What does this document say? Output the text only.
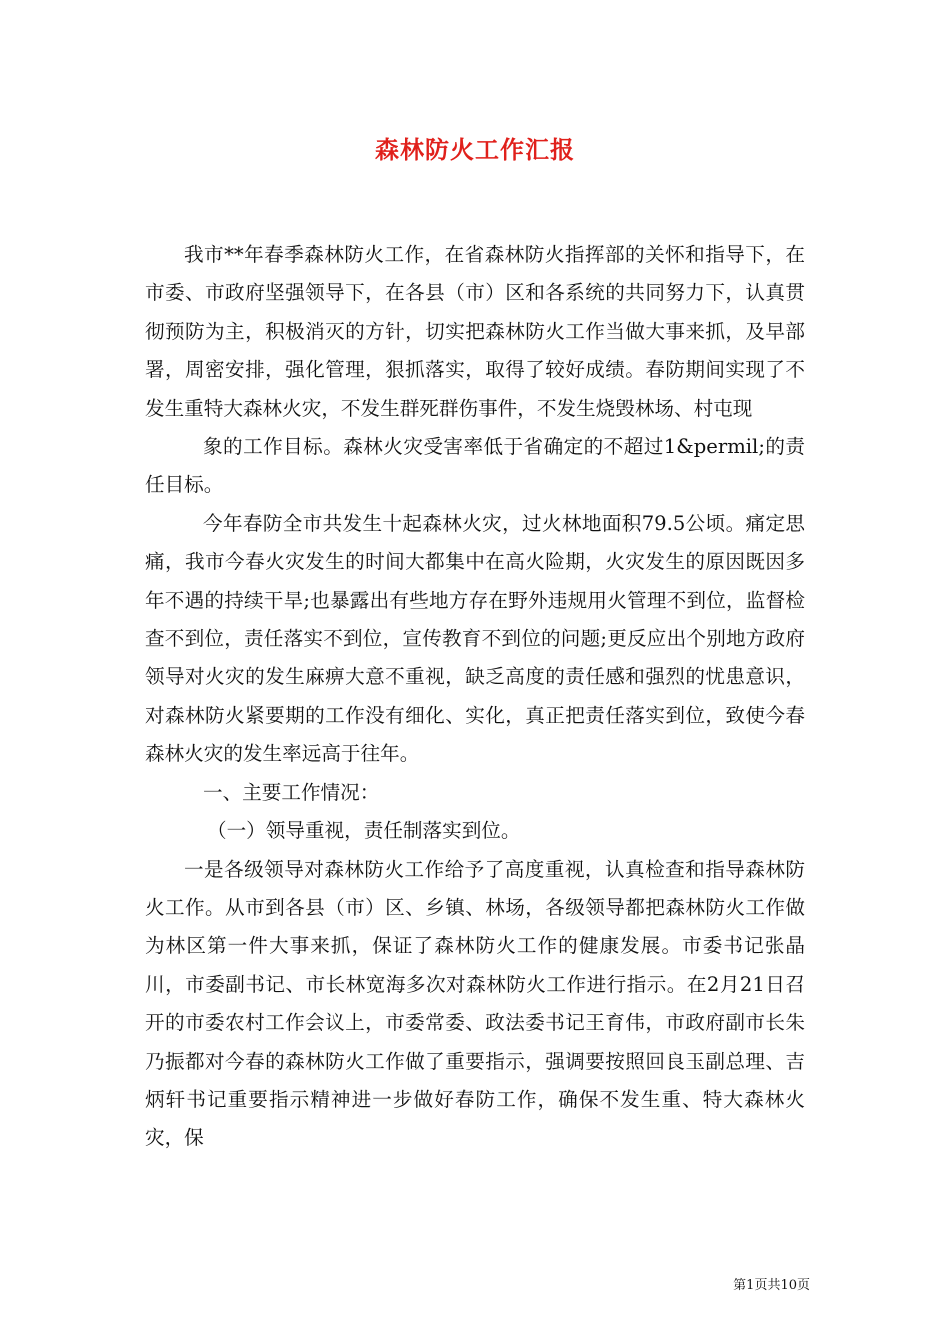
森林防火工作汇报

我市**年春季森林防火工作，在省森林防火指挥部的关怀和指导下，在市委、市政府坚强领导下，在各县（市）区和各系统的共同努力下，认真贯彻预防为主，积极消灭的方针，切实把森林防火工作当做大事来抓，及早部署，周密安排，强化管理，狠抓落实，取得了较好成绩。春防期间实现了不发生重特大森林火灾，不发生群死群伤事件，不发生烧毁林场、村屯现

象的工作目标。森林火灾受害率低于省确定的不超过1&permil;的责任目标。

今年春防全市共发生十起森林火灾，过火林地面积79.5公顷。痛定思痛，我市今春火灾发生的时间大都集中在高火险期，火灾发生的原因既因多年不遇的持续干旱;也暴露出有些地方存在野外违规用火管理不到位，监督检查不到位，责任落实不到位，宣传教育不到位的问题;更反应出个别地方政府领导对火灾的发生麻痹大意不重视，缺乏高度的责任感和强烈的忧患意识，对森林防火紧要期的工作没有细化、实化，真正把责任落实到位，致使今春森林火灾的发生率远高于往年。

一、主要工作情况：

（一）领导重视，责任制落实到位。

一是各级领导对森林防火工作给予了高度重视，认真检查和指导森林防火工作。从市到各县（市）区、乡镇、林场，各级领导都把森林防火工作做为林区第一件大事来抓，保证了森林防火工作的健康发展。市委书记张晶川，市委副书记、市长林宽海多次对森林防火工作进行指示。在2月21日召开的市委农村工作会议上，市委常委、政法委书记王育伟，市政府副市长朱乃振都对今春的森林防火工作做了重要指示，强调要按照回良玉副总理、吉炳轩书记重要指示精神进一步做好春防工作，确保不发生重、特大森林火灾，保

第1页共10页
